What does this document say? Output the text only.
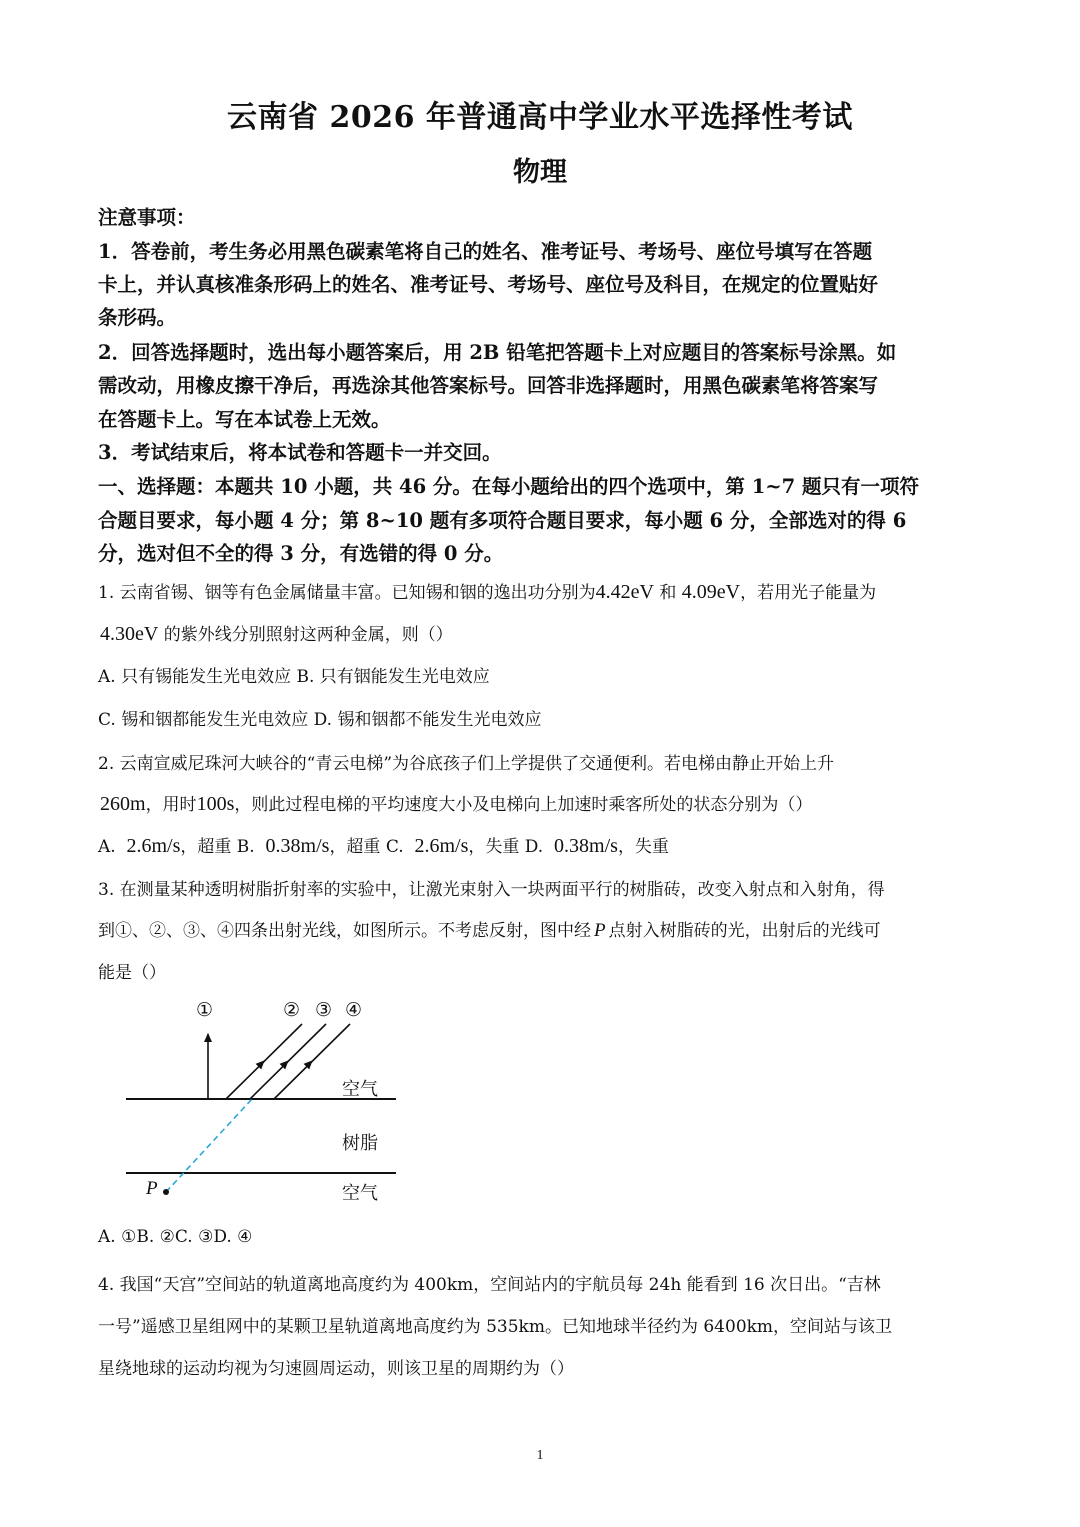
云南省 2026 年普通高中学业水平选择性考试
物理
注意事项：
1．答卷前，考生务必用黑色碳素笔将自己的姓名、准考证号、考场号、座位号填写在答题
卡上，并认真核准条形码上的姓名、准考证号、考场号、座位号及科目，在规定的位置贴好
条形码。
2．回答选择题时，选出每小题答案后，用 2B 铅笔把答题卡上对应题目的答案标号涂黑。如
需改动，用橡皮擦干净后，再选涂其他答案标号。回答非选择题时，用黑色碳素笔将答案写
在答题卡上。写在本试卷上无效。
3．考试结束后，将本试卷和答题卡一并交回。
一、选择题：本题共 10 小题，共 46 分。在每小题给出的四个选项中，第 1~7 题只有一项符
合题目要求，每小题 4 分；第 8~10 题有多项符合题目要求，每小题 6 分，全部选对的得 6
分，选对但不全的得 3 分，有选错的得 0 分。
1. 云南省锡、铟等有色金属储量丰富。已知锡和铟的逸出功分别为4.42eV 和 4.09eV，若用光子能量为
4.30eV 的紫外线分别照射这两种金属，则（）
A. 只有锡能发生光电效应 B. 只有铟能发生光电效应
C. 锡和铟都能发生光电效应 D. 锡和铟都不能发生光电效应
2. 云南宣威尼珠河大峡谷的“青云电梯”为谷底孩子们上学提供了交通便利。若电梯由静止开始上升
260m，用时100s，则此过程电梯的平均速度大小及电梯向上加速时乘客所处的状态分别为（）
A. 2.6m/s，超重 B. 0.38m/s，超重 C. 2.6m/s，失重 D. 0.38m/s，失重
3. 在测量某种透明树脂折射率的实验中，让激光束射入一块两面平行的树脂砖，改变入射点和入射角，得
到①、②、③、④四条出射光线，如图所示。不考虑反射，图中经 P 点射入树脂砖的光，出射后的光线可
能是（）
①	② ③ ④
空气
树脂
空气
P
A. ①B. ②C. ③D. ④
4. 我国“天宫”空间站的轨道离地高度约为 400km，空间站内的宇航员每 24h 能看到 16 次日出。“吉林
一号”遥感卫星组网中的某颗卫星轨道离地高度约为 535km。已知地球半径约为 6400km，空间站与该卫
星绕地球的运动均视为匀速圆周运动，则该卫星的周期约为（）
1
